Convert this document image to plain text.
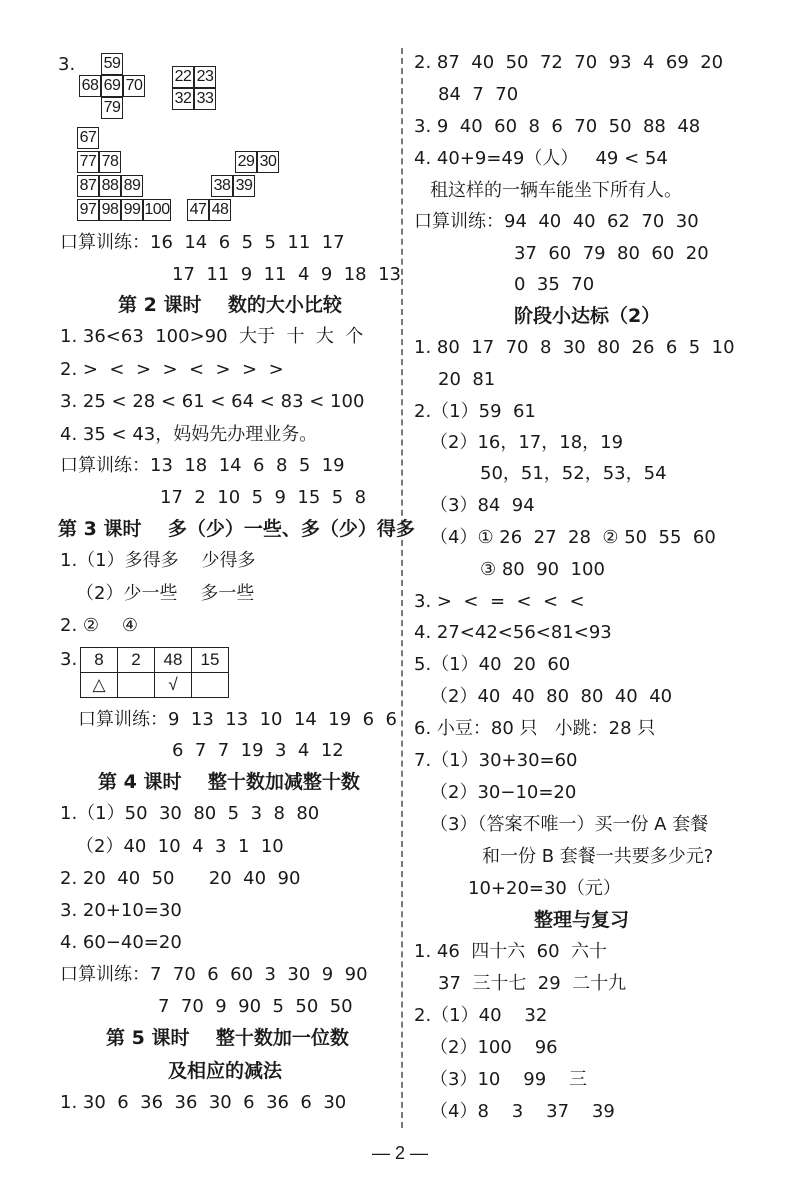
3. 59
68 69 70
79
22 23
32 33
67
77 78
87 88 89
97 98 99 100
29 30
38 39
47 48
口算训练：16  14  6  5  5  11  17
17  11  9  11  4  9  18  13
第 2 课时    数的大小比较
1. 36<63  100>90  大于  十  大  个
2. >  <  >  >  <  >  >  >
3. 25 < 28 < 61 < 64 < 83 < 100
4. 35 < 43，妈妈先办理业务。
口算训练：13  18  14  6  8  5  19
17  2  10  5  9  15  5  8
第 3 课时    多（少）一些、多（少）得多
1.（1）多得多    少得多
（2）少一些    多一些
2. ②    ④
3. 8	2	48	15
△		√	
口算训练：9  13  13  10  14  19  6  6
6  7  7  19  3  4  12
第 4 课时    整十数加减整十数
1.（1）50  30  80  5  3  8  80
（2）40  10  4  3  1  10
2. 20  40  50      20  40  90
3. 20+10=30
4. 60−40=20
口算训练：7  70  6  60  3  30  9  90
7  70  9  90  5  50  50
第 5 课时    整十数加一位数
及相应的减法
1. 30  6  36  36  30  6  36  6  30
2. 87  40  50  72  70  93  4  69  20
84  7  70
3. 9  40  60  8  6  70  50  88  48
4. 40+9=49（人）   49 < 54
租这样的一辆车能坐下所有人。
口算训练：94  40  40  62  70  30
37  60  79  80  60  20
0  35  70
阶段小达标（2）
1. 80  17  70  8  30  80  26  6  5  10
20  81
2.（1）59  61
（2）16，17，18，19
50，51，52，53，54
（3）84  94
（4）① 26  27  28  ② 50  55  60
③ 80  90  100
3. >  <  =  <  <  <
4. 27<42<56<81<93
5.（1）40  20  60
（2）40  40  80  80  40  40
6. 小豆：80 只   小跳：28 只
7.（1）30+30=60
（2）30−10=20
（3）（答案不唯一）买一份 A 套餐
和一份 B 套餐一共要多少元?
10+20=30（元）
整理与复习
1. 46  四十六  60  六十
37  三十七  29  二十九
2.（1）40    32
（2）100    96
（3）10    99    三
（4）8    3    37    39
— 2 —
